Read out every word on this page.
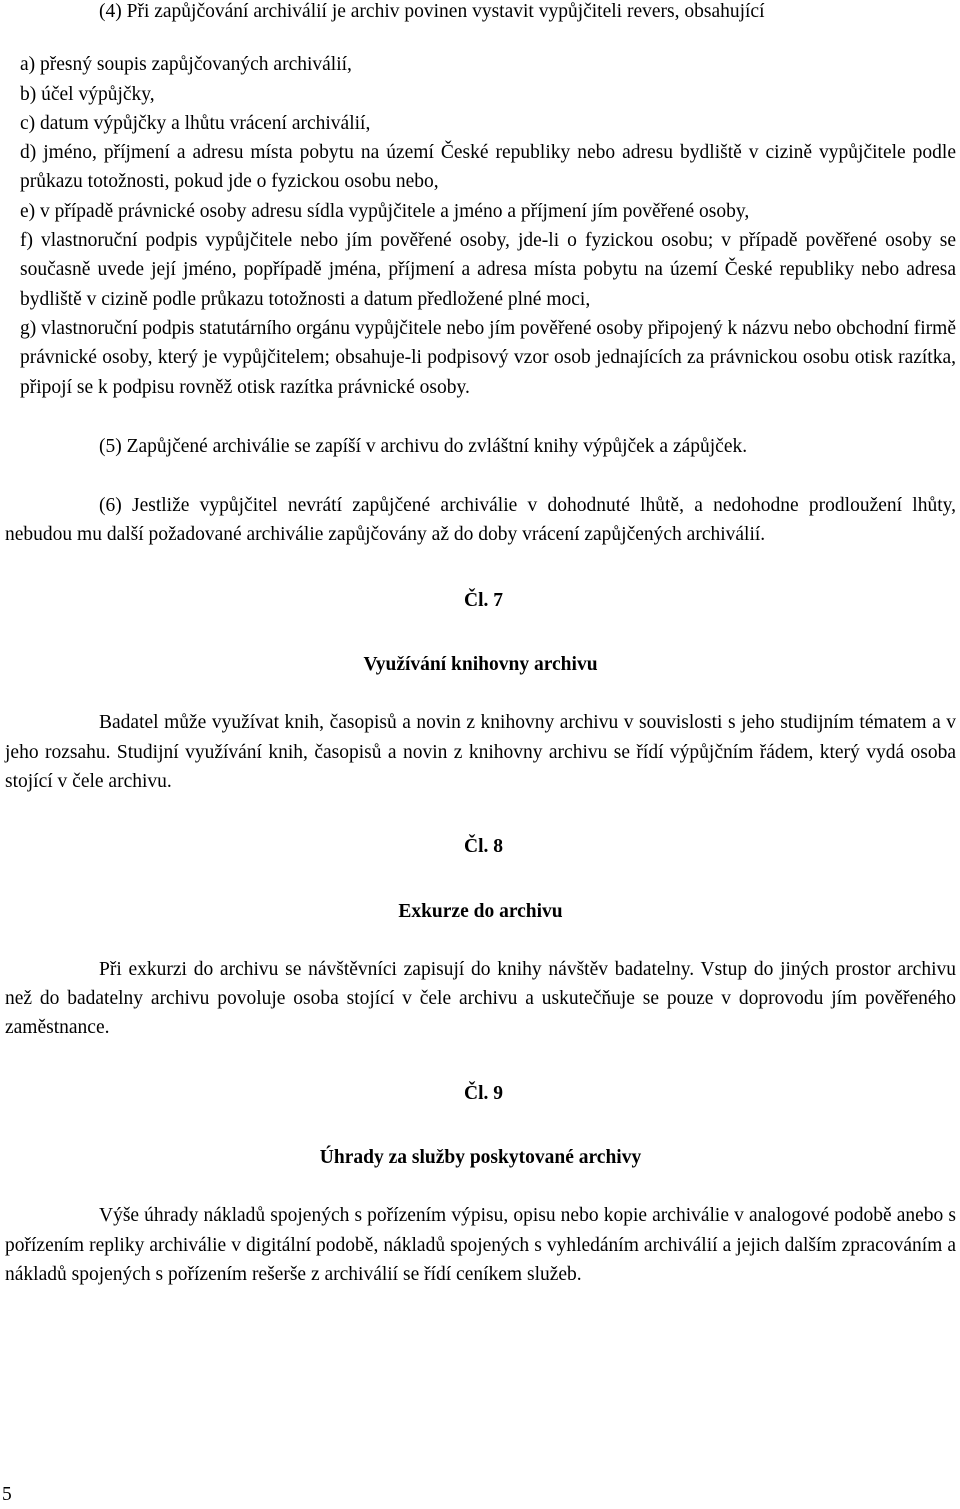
(4) Při zapůjčování archiválií je archiv povinen vystavit vypůjčiteli revers, obsahující

a) přesný soupis zapůjčovaných archiválií,

b) účel výpůjčky,

c) datum výpůjčky a lhůtu vrácení archiválií,

d) jméno, příjmení a adresu místa pobytu na území České republiky nebo adresu bydliště v cizině vypůjčitele podle průkazu totožnosti, pokud jde o fyzickou osobu nebo,

e) v případě právnické osoby adresu sídla vypůjčitele a jméno a příjmení jím pověřené osoby,

f) vlastnoruční podpis vypůjčitele nebo jím pověřené osoby, jde-li o fyzickou osobu; v případě pověřené osoby se současně uvede její jméno, popřípadě jména, příjmení a adresa místa pobytu na území České republiky nebo adresa bydliště v cizině podle průkazu totožnosti a datum předložené plné moci,

g) vlastnoruční podpis statutárního orgánu vypůjčitele nebo jím pověřené osoby připojený k názvu nebo obchodní firmě právnické osoby, který je vypůjčitelem; obsahuje-li podpisový vzor osob jednajících za právnickou osobu otisk razítka, připojí se k podpisu rovněž otisk razítka právnické osoby.

(5) Zapůjčené archiválie se zapíší v archivu do zvláštní knihy výpůjček a zápůjček.

(6) Jestliže vypůjčitel nevrátí zapůjčené archiválie v dohodnuté lhůtě, a nedohodne prodloužení lhůty, nebudou mu další požadované archiválie zapůjčovány až do doby vrácení zapůjčených archiválií.

Čl. 7

Využívání knihovny archivu

Badatel může využívat knih, časopisů a novin z knihovny archivu v souvislosti s jeho studijním tématem a v jeho rozsahu. Studijní využívání knih, časopisů a novin z knihovny archivu se řídí výpůjčním řádem, který vydá osoba stojící v čele archivu.

Čl. 8

Exkurze do archivu

Při exkurzi do archivu se návštěvníci zapisují do knihy návštěv badatelny. Vstup do jiných prostor archivu než do badatelny archivu povoluje osoba stojící v čele archivu a uskutečňuje se pouze v doprovodu jím pověřeného zaměstnance.

Čl. 9

Úhrady za služby poskytované archivy

Výše úhrady nákladů spojených s pořízením výpisu, opisu nebo kopie archiválie v analogové podobě anebo s pořízením repliky archiválie v digitální podobě, nákladů spojených s vyhledáním archiválií a jejich dalším zpracováním a nákladů spojených s pořízením rešerše z archiválií se řídí ceníkem služeb.

5
